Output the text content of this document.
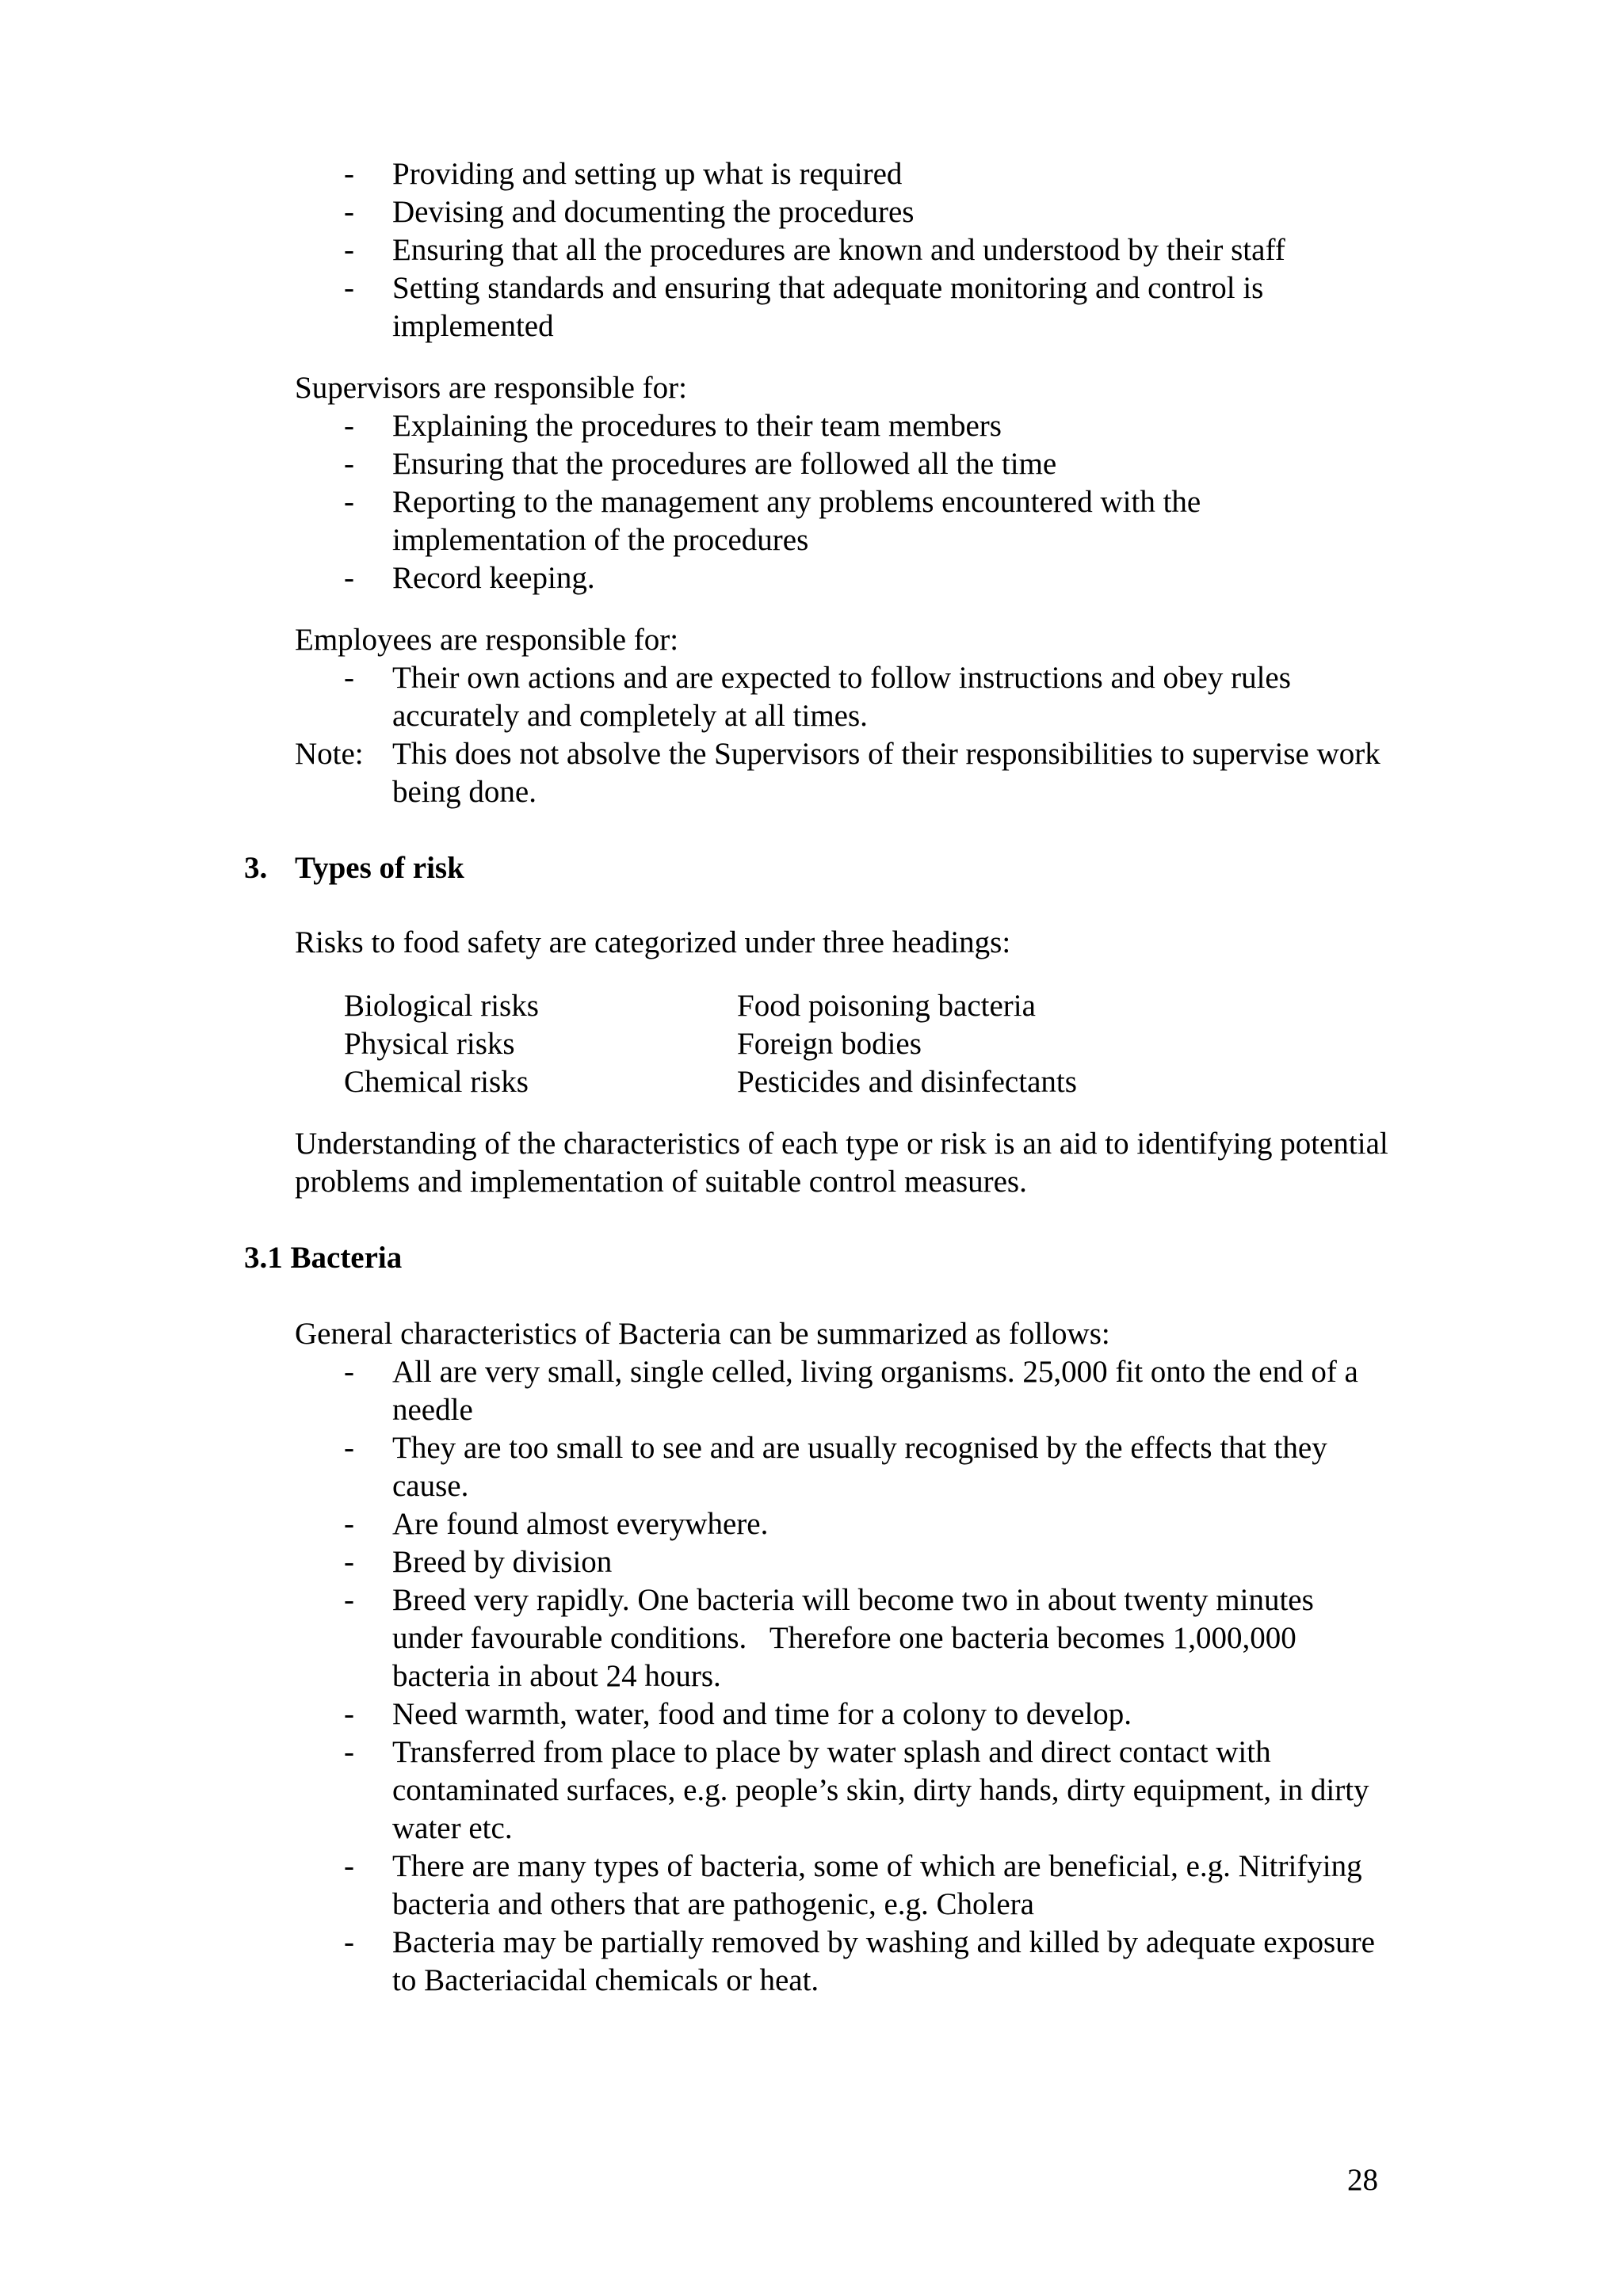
- Providing and setting up what is required
- Devising and documenting the procedures
- Ensuring that all the procedures are known and understood by their staff
- Setting standards and ensuring that adequate monitoring and control is implemented
Supervisors are responsible for:
- Explaining the procedures to their team members
- Ensuring that the procedures are followed all the time
- Reporting to the management any problems encountered with the implementation of the procedures
- Record keeping.
Employees are responsible for:
- Their own actions and are expected to follow instructions and obey rules accurately and completely at all times.
Note: This does not absolve the Supervisors of their responsibilities to supervise work being done.
3. Types of risk
Risks to food safety are categorized under three headings:
Biological risks	Food poisoning bacteria
Physical risks	Foreign bodies
Chemical risks	Pesticides and disinfectants
Understanding of the characteristics of each type or risk is an aid to identifying potential problems and implementation of suitable control measures.
3.1 Bacteria
General characteristics of Bacteria can be summarized as follows:
- All are very small, single celled, living organisms. 25,000 fit onto the end of a needle
- They are too small to see and are usually recognised by the effects that they cause.
- Are found almost everywhere.
- Breed by division
- Breed very rapidly. One bacteria will become two in about twenty minutes under favourable conditions.   Therefore one bacteria becomes 1,000,000 bacteria in about 24 hours.
- Need warmth, water, food and time for a colony to develop.
- Transferred from place to place by water splash and direct contact with contaminated surfaces, e.g. people’s skin, dirty hands, dirty equipment, in dirty water etc.
- There are many types of bacteria, some of which are beneficial, e.g. Nitrifying bacteria and others that are pathogenic, e.g. Cholera
- Bacteria may be partially removed by washing and killed by adequate exposure to Bacteriacidal chemicals or heat.
28
